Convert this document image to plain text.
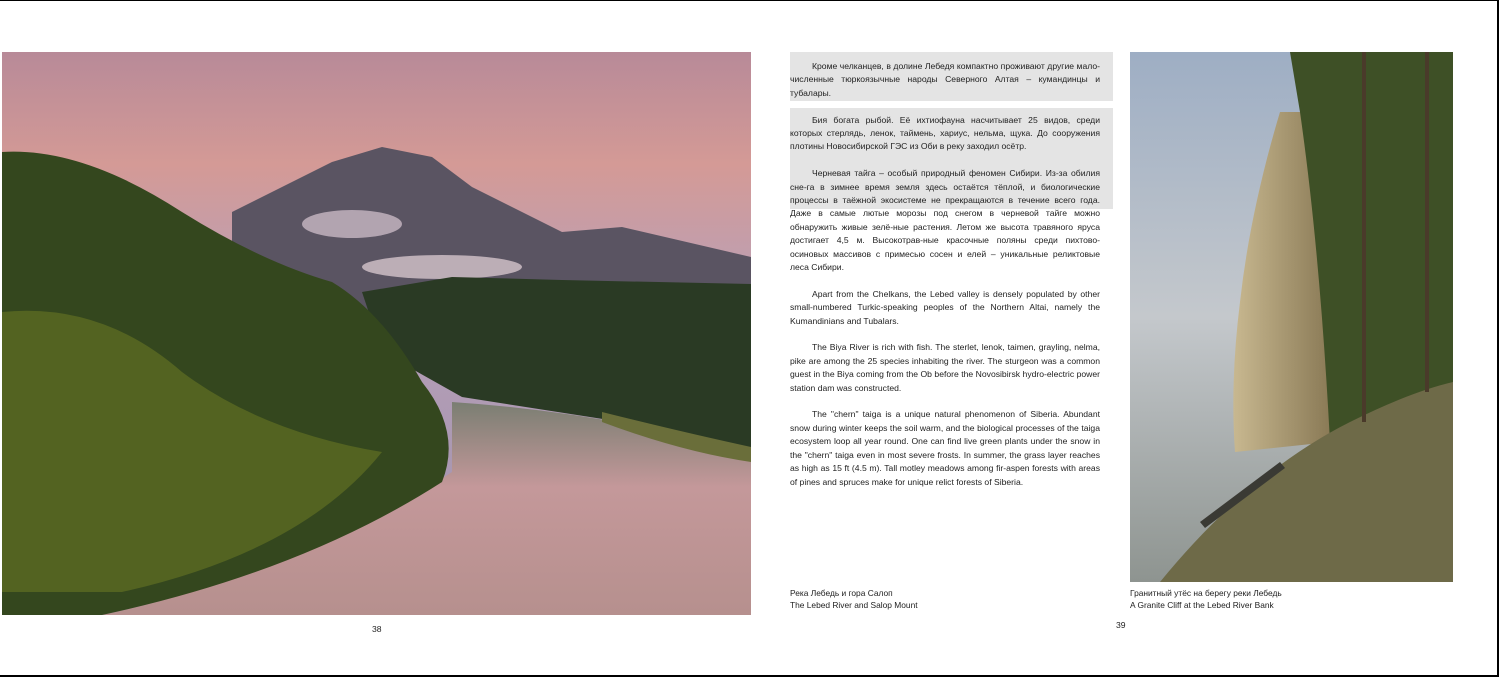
Кроме челканцев, в долине Лебедя компактно проживают другие мало-численные тюркоязычные народы Северного Алтая – кумандинцы и тубалары.

Бия богата рыбой. Её ихтиофауна насчитывает 25 видов, среди которых стерлядь, ленок, таймень, хариус, нельма, щука. До сооружения плотины Новосибирской ГЭС из Оби в реку заходил осётр.

Черневая тайга – особый природный феномен Сибири. Из-за обилия сне-га в зимнее время земля здесь остаётся тёплой, и биологические процессы в таёжной экосистеме не прекращаются в течение всего года. Даже в самые лютые морозы под снегом в черневой тайге можно обнаружить живые зелё-ные растения. Летом же высота травяного яруса достигает 4,5 м. Высокотрав-ные красочные поляны среди пихтово-осиновых массивов с примесью сосен и елей – уникальные реликтовые леса Сибири.

Apart from the Chelkans, the Lebed valley is densely populated by other small-numbered Turkic-speaking peoples of the Northern Altai, namely the Kumandinians and Tubalars.

The Biya River is rich with fish. The sterlet, lenok, taimen, grayling, nelma, pike are among the 25 species inhabiting the river. The sturgeon was a common guest in the Biya coming from the Ob before the Novosibirsk hydro-electric power station dam was constructed.

The "chern" taiga is a unique natural phenomenon of Siberia. Abundant snow during winter keeps the soil warm, and the biological processes of the taiga ecosystem loop all year round. One can find live green plants under the snow in the "chern" taiga even in most severe frosts. In summer, the grass layer reaches as high as 15 ft (4.5 m). Tall motley meadows among fir-aspen forests with areas of pines and spruces make for unique relict forests of Siberia.

Река Лебедь и гора Салоп
The Lebed River and Salop Mount
Гранитный утёс на берегу реки Лебедь
A Granite Cliff at the Lebed River Bank
38	39
